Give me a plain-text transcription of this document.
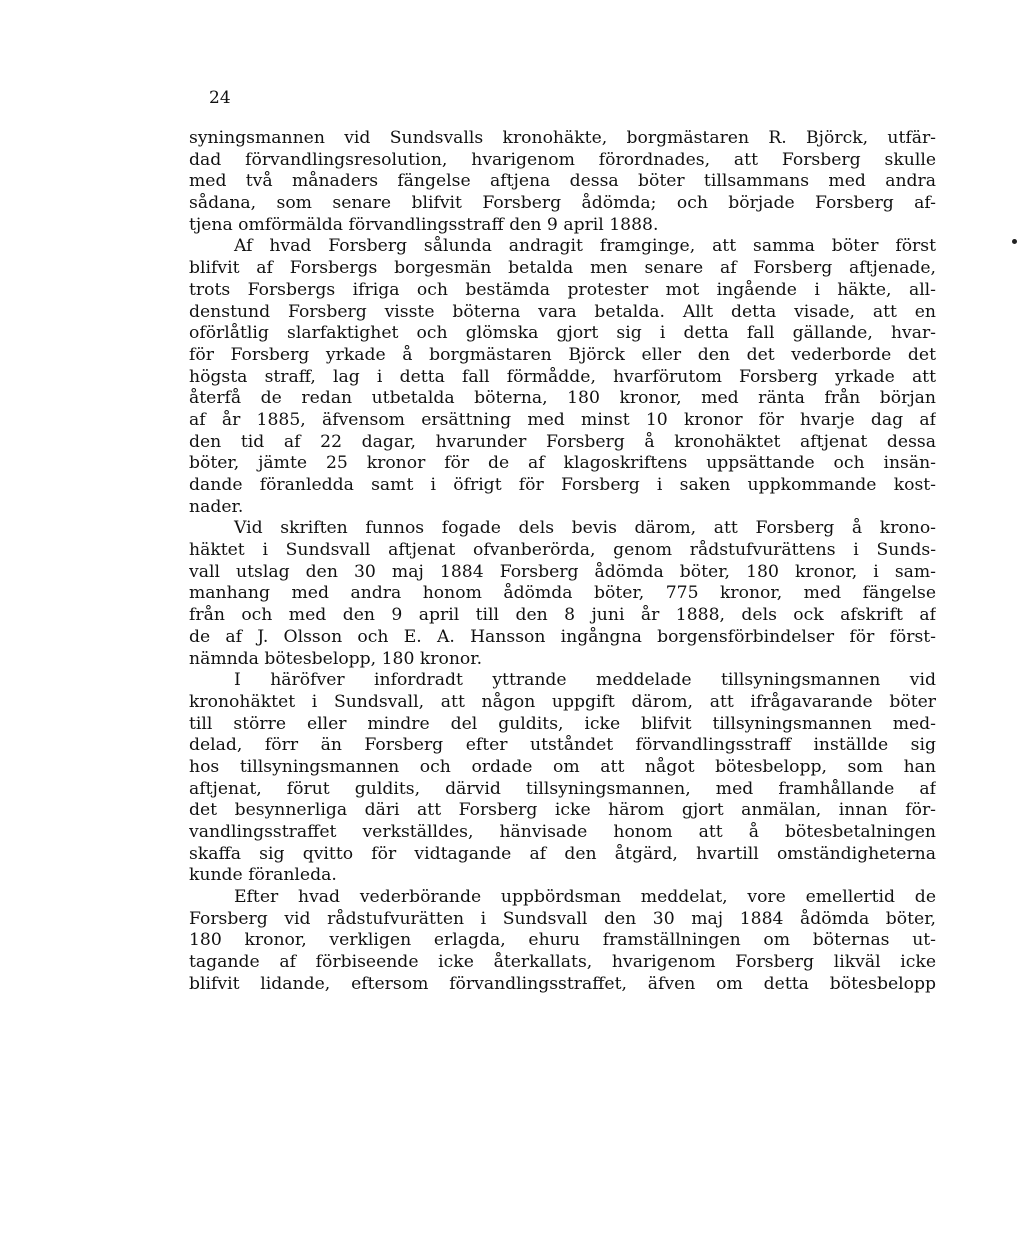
24
syningsmannen vid Sundsvalls kronohäkte, borgmästaren R. Björck, utfär-
dad förvandlingsresolution, hvarigenom förordnades, att Forsberg skulle
med två månaders fängelse aftjena dessa böter tillsammans med andra
sådana, som senare blifvit Forsberg ådömda; och började Forsberg af-
tjena omförmälda förvandlingsstraff den 9 april 1888.
Af hvad Forsberg sålunda andragit framginge, att samma böter först
blifvit af Forsbergs borgesmän betalda men senare af Forsberg aftjenade,
trots Forsbergs ifriga och bestämda protester mot ingående i häkte, all-
denstund Forsberg visste böterna vara betalda. Allt detta visade, att en
oförlåtlig slarfaktighet och glömska gjort sig i detta fall gällande, hvar-
för Forsberg yrkade å borgmästaren Björck eller den det vederborde det
högsta straff, lag i detta fall förmådde, hvarförutom Forsberg yrkade att
återfå de redan utbetalda böterna, 180 kronor, med ränta från början
af år 1885, äfvensom ersättning med minst 10 kronor för hvarje dag af
den tid af 22 dagar, hvarunder Forsberg å kronohäktet aftjenat dessa
böter, jämte 25 kronor för de af klagoskriftens uppsättande och insän-
dande föranledda samt i öfrigt för Forsberg i saken uppkommande kost-
nader.
Vid skriften funnos fogade dels bevis därom, att Forsberg å krono-
häktet i Sundsvall aftjenat ofvanberörda, genom rådstufvurättens i Sunds-
vall utslag den 30 maj 1884 Forsberg ådömda böter, 180 kronor, i sam-
manhang med andra honom ådömda böter, 775 kronor, med fängelse
från och med den 9 april till den 8 juni år 1888, dels ock afskrift af
de af J. Olsson och E. A. Hansson ingångna borgensförbindelser för först-
nämnda bötesbelopp, 180 kronor.
I häröfver infordradt yttrande meddelade tillsyningsmannen vid
kronohäktet i Sundsvall, att någon uppgift därom, att ifrågavarande böter
till större eller mindre del guldits, icke blifvit tillsyningsmannen med-
delad, förr än Forsberg efter utståndet förvandlingsstraff inställde sig
hos tillsyningsmannen och ordade om att något bötesbelopp, som han
aftjenat, förut guldits, därvid tillsyningsmannen, med framhållande af
det besynnerliga däri att Forsberg icke härom gjort anmälan, innan för-
vandlingsstraffet verkställdes, hänvisade honom att å bötesbetalningen
skaffa sig qvitto för vidtagande af den åtgärd, hvartill omständigheterna
kunde föranleda.
Efter hvad vederbörande uppbördsman meddelat, vore emellertid de
Forsberg vid rådstufvurätten i Sundsvall den 30 maj 1884 ådömda böter,
180 kronor, verkligen erlagda, ehuru framställningen om böternas ut-
tagande af förbiseende icke återkallats, hvarigenom Forsberg likväl icke
blifvit lidande, eftersom förvandlingsstraffet, äfven om detta bötesbelopp
